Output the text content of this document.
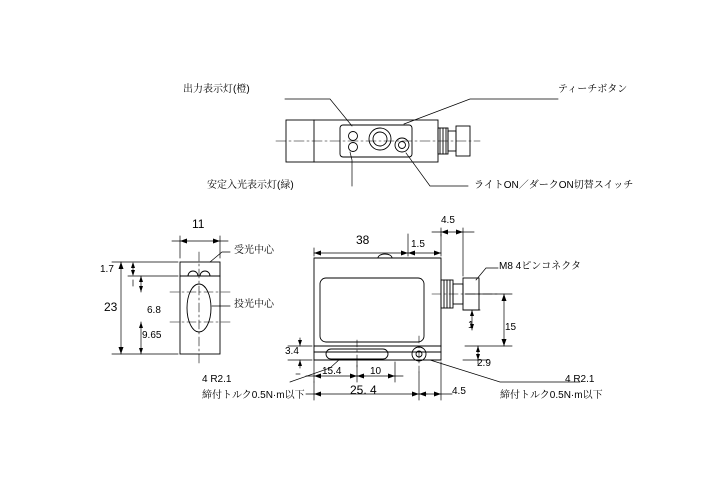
出力表示灯(橙)	ティーチボタン
安定入光表示灯(緑)	ライトON／ダークON切替スイッチ
受光中心
投光中心
11
23
1.7
6.8
9.65
38	1.5
4.5
15
1
2.9
3.4
15.4	10
25. 4	4.5
M8 4ピンコネクタ
4 R2.1
締付トルク0.5N·m以下
4 R2.1
締付トルク0.5N·m以下
